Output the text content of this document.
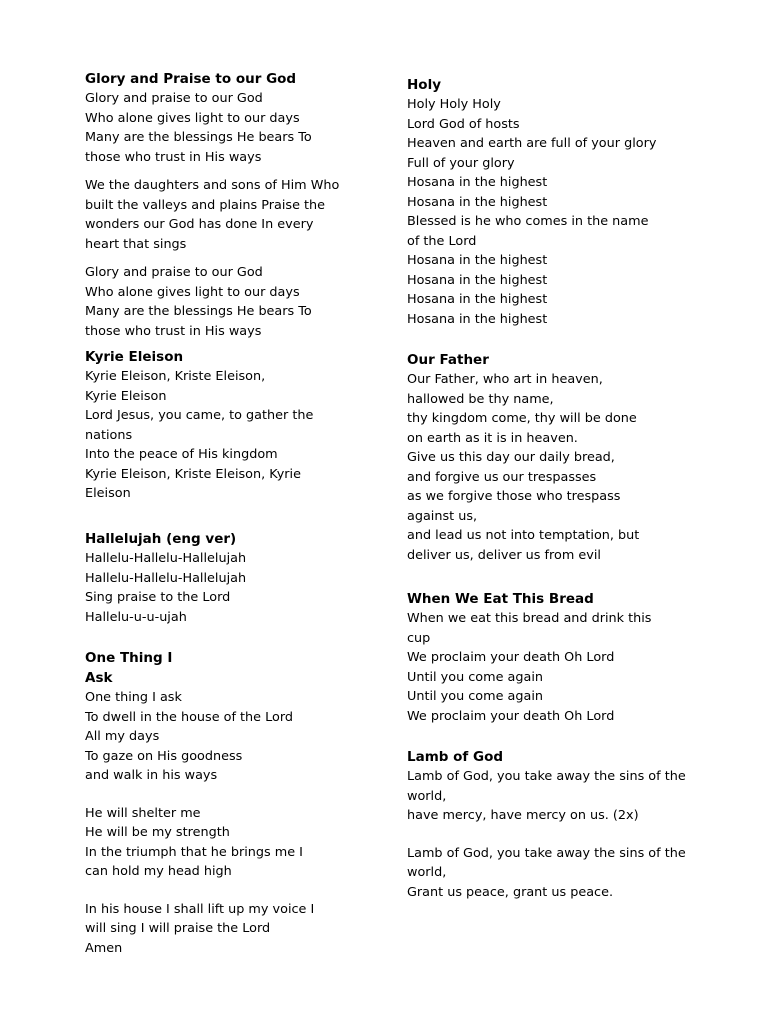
Glory and Praise to our God
Glory and praise to our God
Who alone gives light to our days
Many are the blessings He bears To
those who trust in His ways
We the daughters and sons of Him Who
built the valleys and plains Praise the
wonders our God has done In every
heart that sings
Glory and praise to our God
Who alone gives light to our days
Many are the blessings He bears To
those who trust in His ways
Kyrie Eleison
Kyrie Eleison, Kriste Eleison,
Kyrie Eleison
Lord Jesus, you came, to gather the
nations
Into the peace of His kingdom
Kyrie Eleison, Kriste Eleison, Kyrie
Eleison
Hallelujah (eng ver)
Hallelu-Hallelu-Hallelujah
Hallelu-Hallelu-Hallelujah
Sing praise to the Lord
Hallelu-u-u-ujah
One Thing I
Ask
One thing I ask
To dwell in the house of the Lord
All my days
To gaze on His goodness
and walk in his ways
He will shelter me
He will be my strength
In the triumph that he brings me I
can hold my head high
In his house I shall lift up my voice I
will sing I will praise the Lord
Amen
Holy
Holy Holy Holy
Lord God of hosts
Heaven and earth are full of your glory
Full of your glory
Hosana in the highest
Hosana in the highest
Blessed is he who comes in the name
of the Lord
Hosana in the highest
Hosana in the highest
Hosana in the highest
Hosana in the highest
Our Father
Our Father, who art in heaven,
hallowed be thy name,
thy kingdom come, thy will be done
on earth as it is in heaven.
Give us this day our daily bread,
and forgive us our trespasses
as we forgive those who trespass
against us,
and lead us not into temptation, but
deliver us, deliver us from evil
When We Eat This Bread
When we eat this bread and drink this
cup
We proclaim your death Oh Lord
Until you come again
Until you come again
We proclaim your death Oh Lord
Lamb of God
Lamb of God, you take away the sins of the
world,
have mercy, have mercy on us. (2x)
Lamb of God, you take away the sins of the
world,
Grant us peace, grant us peace.
